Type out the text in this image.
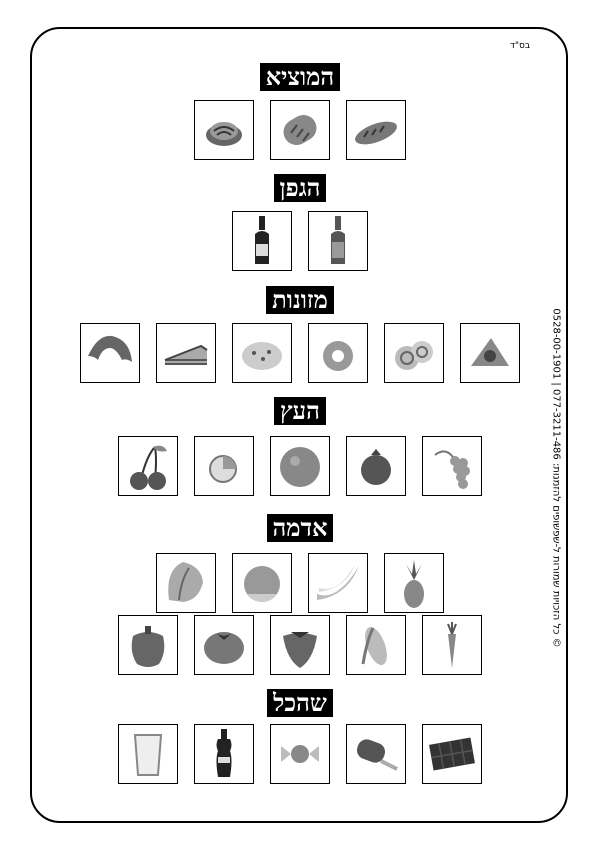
בס"ד
המוציא
הגפן
מזונות
העץ
אדמה
שהכל
© כל הזכויות שמורות ל-שפשופים להזמנות: 077-3211-486 | 0528-00-1901
